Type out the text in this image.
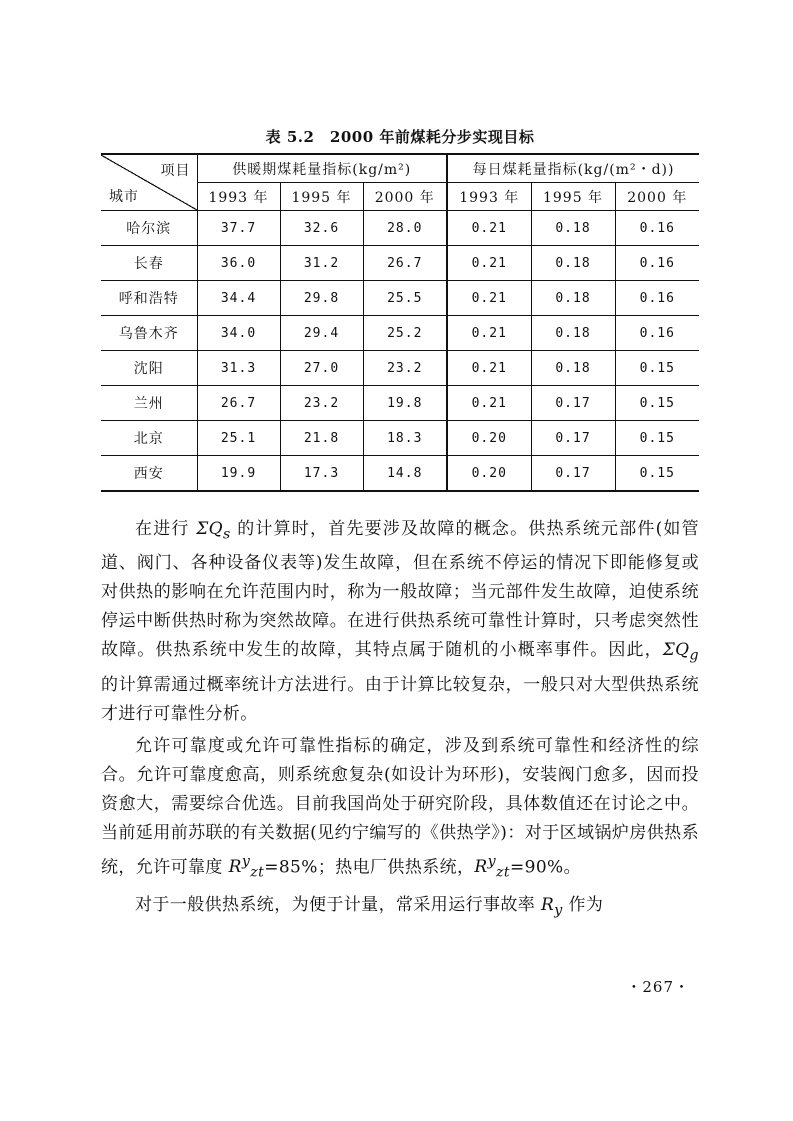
表 5.2　2000 年前煤耗分步实现目标
项目
城市	供暖期煤耗量指标(kg/m²)			每日煤耗量指标(kg/(m²・d))		
	1993 年	1995 年	2000 年	1993 年	1995 年	2000 年
哈尔滨	37.7	32.6	28.0	0.21	0.18	0.16
长春	36.0	31.2	26.7	0.21	0.18	0.16
呼和浩特	34.4	29.8	25.5	0.21	0.18	0.16
乌鲁木齐	34.0	29.4	25.2	0.21	0.18	0.16
沈阳	31.3	27.0	23.2	0.21	0.18	0.15
兰州	26.7	23.2	19.8	0.21	0.17	0.15
北京	25.1	21.8	18.3	0.20	0.17	0.15
西安	19.9	17.3	14.8	0.20	0.17	0.15

在进行 $\Sigma Q_s$ 的计算时，首先要涉及故障的概念。供热系统元部件(如管道、阀门、各种设备仪表等)发生故障，但在系统不停运的情况下即能修复或对供热的影响在允许范围内时，称为一般故障；当元部件发生故障，迫使系统停运中断供热时称为突然故障。在进行供热系统可靠性计算时，只考虑突然性故障。供热系统中发生的故障，其特点属于随机的小概率事件。因此，$\Sigma Q_g$ 的计算需通过概率统计方法进行。由于计算比较复杂，一般只对大型供热系统才进行可靠性分析。

允许可靠度或允许可靠性指标的确定，涉及到系统可靠性和经济性的综合。允许可靠度愈高，则系统愈复杂(如设计为环形)，安装阀门愈多，因而投资愈大，需要综合优选。目前我国尚处于研究阶段，具体数值还在讨论之中。当前延用前苏联的有关数据(见约宁编写的《供热学》)：对于区域锅炉房供热系统，允许可靠度 $R^y_{zt}=85\%$；热电厂供热系统，$R^y_{zt}=90\%$。

对于一般供热系统，为便于计量，常采用运行事故率 $R_y$ 作为

・267・
